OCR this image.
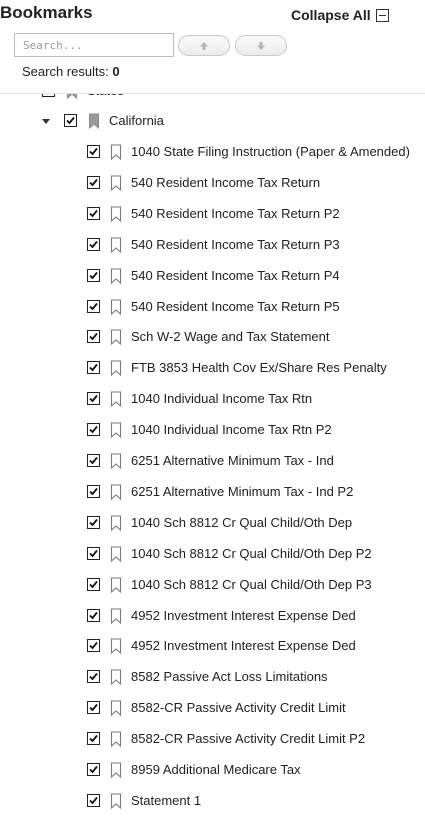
California
1040 State Filing Instruction (Paper & Amended)
540 Resident Income Tax Return
540 Resident Income Tax Return P2
540 Resident Income Tax Return P3
540 Resident Income Tax Return P4
540 Resident Income Tax Return P5
Sch W-2 Wage and Tax Statement
FTB 3853 Health Cov Ex/Share Res Penalty
1040 Individual Income Tax Rtn
1040 Individual Income Tax Rtn P2
6251 Alternative Minimum Tax - Ind
6251 Alternative Minimum Tax - Ind P2
1040 Sch 8812 Cr Qual Child/Oth Dep
1040 Sch 8812 Cr Qual Child/Oth Dep P2
1040 Sch 8812 Cr Qual Child/Oth Dep P3
4952 Investment Interest Expense Ded
4952 Investment Interest Expense Ded
8582 Passive Act Loss Limitations
8582-CR Passive Activity Credit Limit
8582-CR Passive Activity Credit Limit P2
8959 Additional Medicare Tax
Statement 1
Bookmarks	Collapse All
Search...
Search results: 0
